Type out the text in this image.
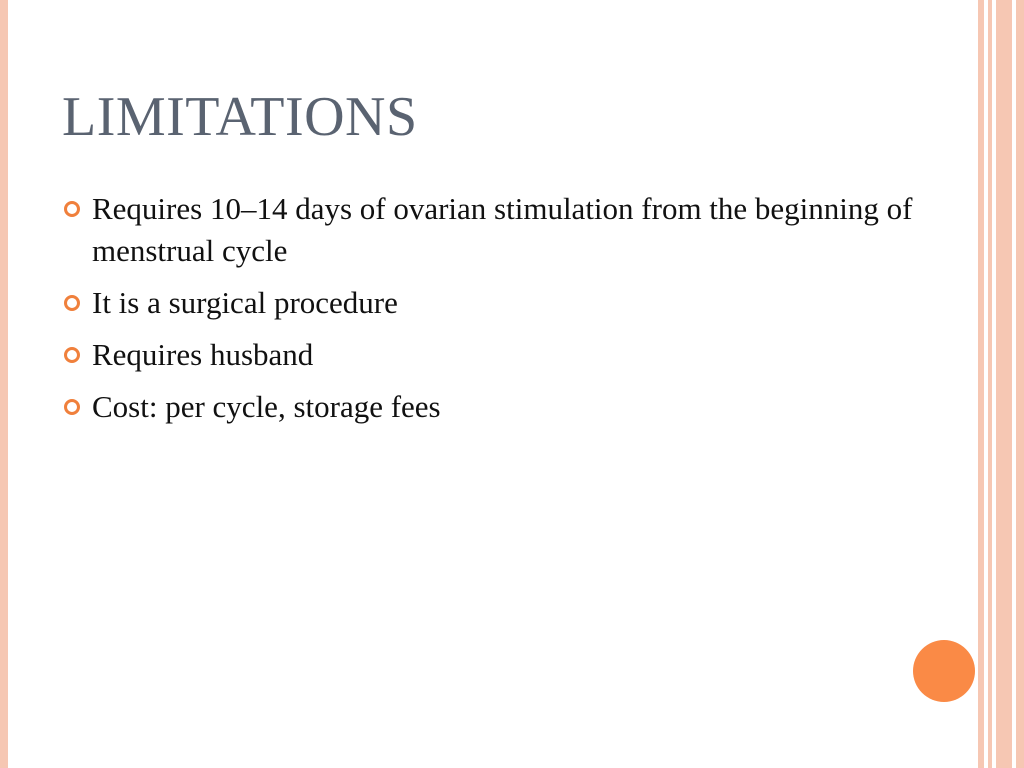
LIMITATIONS
Requires 10–14 days of ovarian stimulation from the beginning of menstrual cycle
It is a surgical procedure
Requires husband
Cost: per cycle, storage fees
